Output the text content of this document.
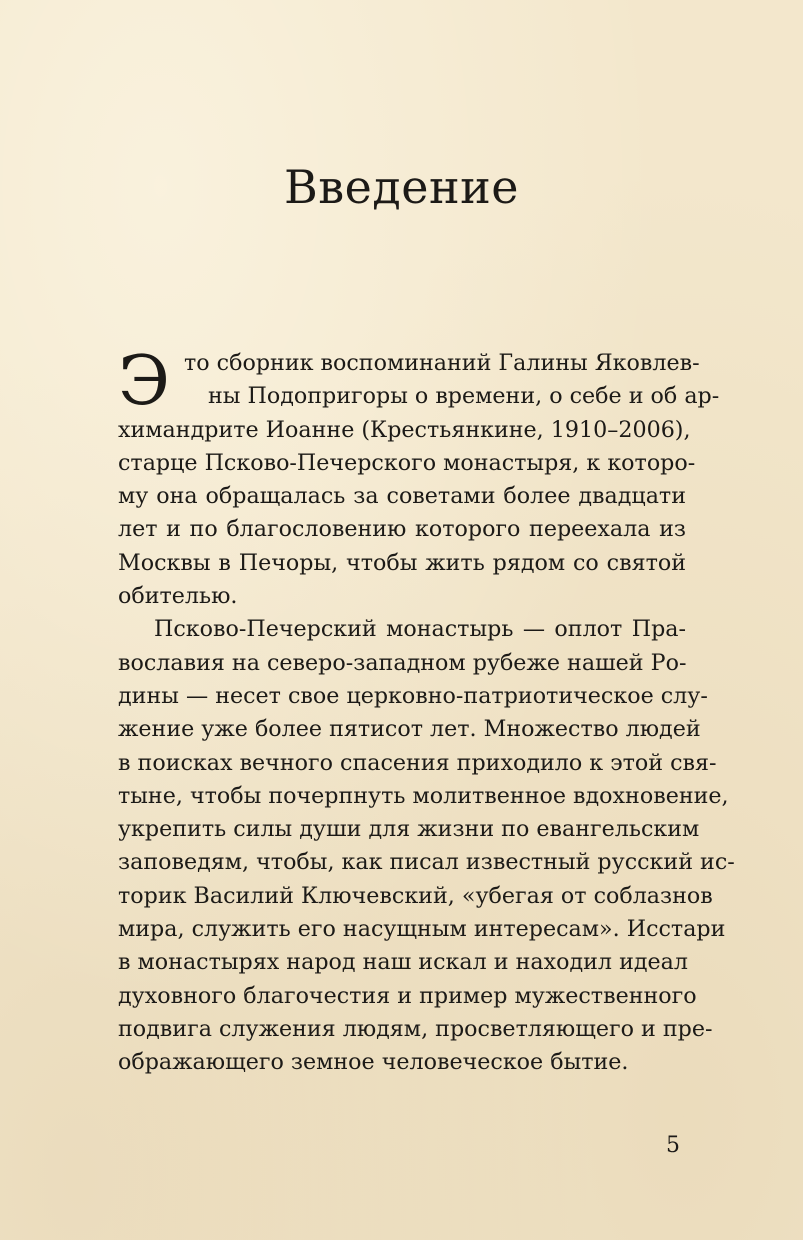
Введение
Э то сборник воспоминаний Галины Яковлев-
ны Подопригоры о времени, о себе и об ар-
химандрите Иоанне (Крестьянкине, 1910–2006),
старце Псково-Печерского монастыря, к которо-
му она обращалась за советами более двадцати
лет и по благословению которого переехала из
Москвы в Печоры, чтобы жить рядом со святой
обителью.
Псково-Печерский монастырь — оплот Пра-
вославия на северо-западном рубеже нашей Ро-
дины — несет свое церковно-патриотическое слу-
жение уже более пятисот лет. Множество людей
в поисках вечного спасения приходило к этой свя-
тыне, чтобы почерпнуть молитвенное вдохновение,
укрепить силы души для жизни по евангельским
заповедям, чтобы, как писал известный русский ис-
торик Василий Ключевский, «убегая от соблазнов
мира, служить его насущным интересам». Исстари
в монастырях народ наш искал и находил идеал
духовного благочестия и пример мужественного
подвига служения людям, просветляющего и пре-
ображающего земное человеческое бытие.
5
